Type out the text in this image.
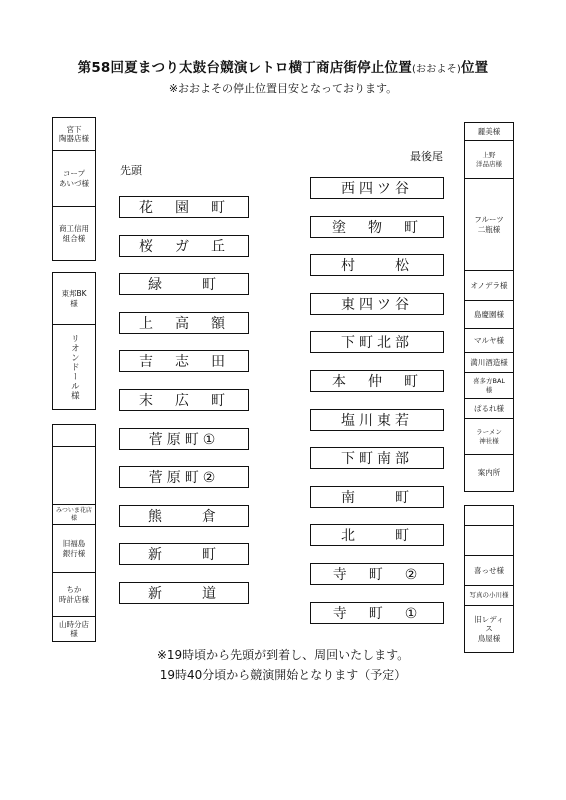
第58回夏まつり太鼓台競演レトロ横丁商店街停止位置(おおよそ)位置
※おおよその停止位置目安となっております。
先頭
最後尾
花　園　町
桜　ガ　丘
緑　　町
上　高　額
吉　志　田
末　広　町
菅原町①
菅原町②
熊　　倉
新　　町
新　　道
西四ツ谷
塗　物　町
村　　松
東四ツ谷
下町北部
本　仲　町
塩川東若
下町南部
南　　町
北　　町
寺　町　②
寺　町　①
宮下
陶器店様
コープ
あいづ様
商工信用
組合様
東邦BK
様
リオンドール様
みついま花店様
旧福島
銀行様
ちか
時計店様
山時分店
様
麗美様
上野
洋品店様
フルーツ
二瓶様
オノデラ様
島慶園様
マルヤ様
満川酒造様
喜多方BAL
様
ぱるれ様
ラーメン
神社様
案内所
喜っせ様
写真の小川様
旧レディ
ス
鳥屋様
※19時頃から先頭が到着し、周回いたします。
19時40分頃から競演開始となります（予定）
